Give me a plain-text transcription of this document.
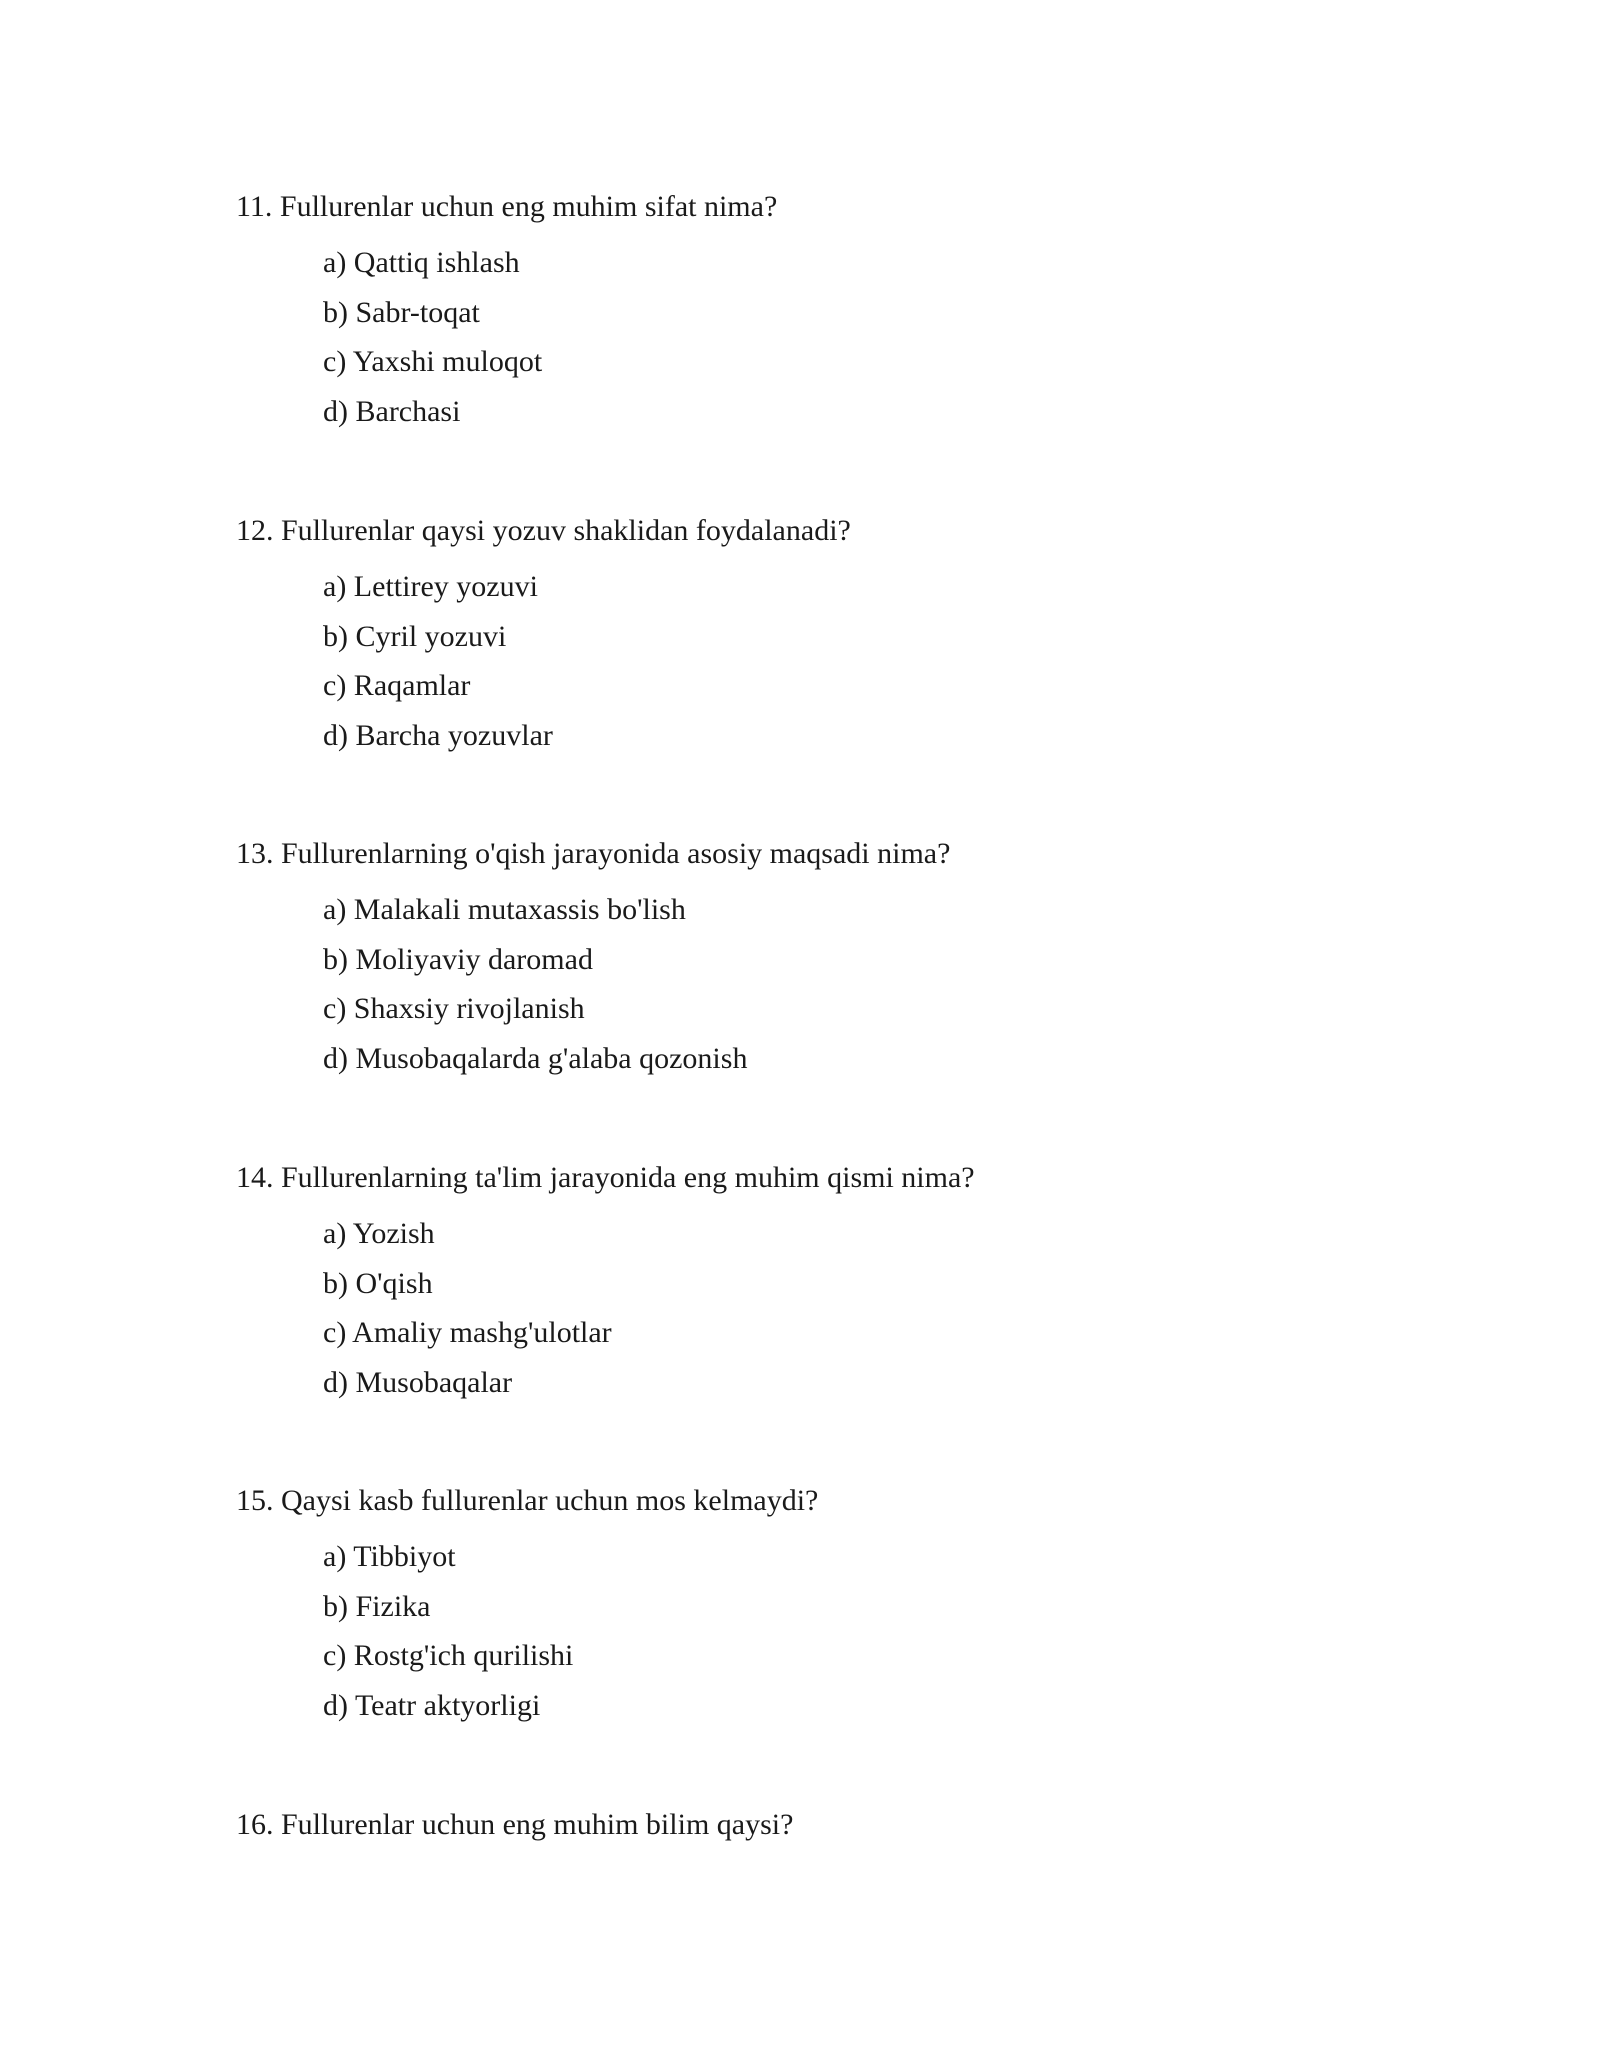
11. Fullurenlar uchun eng muhim sifat nima?

a) Qattiq ishlash
b) Sabr-toqat
c) Yaxshi muloqot
d) Barchasi

12. Fullurenlar qaysi yozuv shaklidan foydalanadi?

a) Lettirey yozuvi
b) Cyril yozuvi
c) Raqamlar
d) Barcha yozuvlar

13. Fullurenlarning o'qish jarayonida asosiy maqsadi nima?

a) Malakali mutaxassis bo'lish
b) Moliyaviy daromad
c) Shaxsiy rivojlanish
d) Musobaqalarda g'alaba qozonish

14. Fullurenlarning ta'lim jarayonida eng muhim qismi nima?

a) Yozish
b) O'qish
c) Amaliy mashg'ulotlar
d) Musobaqalar

15. Qaysi kasb fullurenlar uchun mos kelmaydi?

a) Tibbiyot
b) Fizika
c) Rostg'ich qurilishi
d) Teatr aktyorligi

16. Fullurenlar uchun eng muhim bilim qaysi?
